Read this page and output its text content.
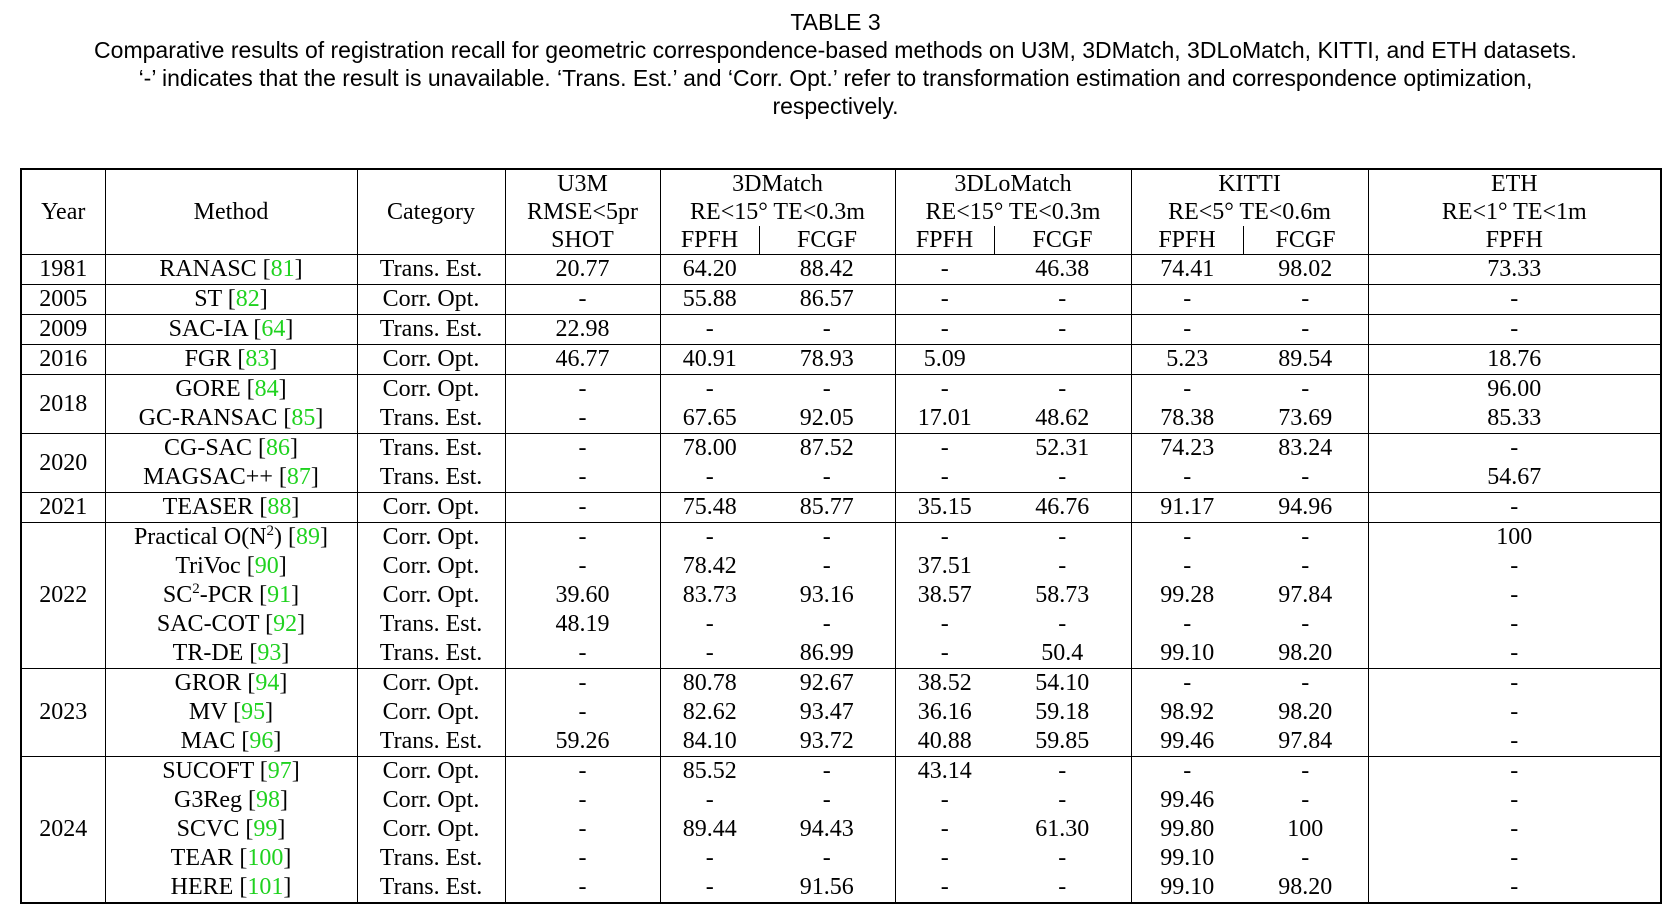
TABLE 3
Comparative results of registration recall for geometric correspondence-based methods on U3M, 3DMatch, 3DLoMatch, KITTI, and ETH datasets.
‘-’ indicates that the result is unavailable. ‘Trans. Est.’ and ‘Corr. Opt.’ refer to transformation estimation and correspondence optimization,
respectively.
Year	Method	Category	U3M	3DMatch		3DLoMatch		KITTI		ETH
			RMSE<5pr	RE<15° TE<0.3m		RE<15° TE<0.3m		RE<5° TE<0.6m		RE<1° TE<1m
			SHOT	FPFH	FCGF	FPFH	FCGF	FPFH	FCGF	FPFH
1981	RANASC [81]	Trans. Est.	20.77	64.20	88.42	-	46.38	74.41	98.02	73.33
2005	ST [82]	Corr. Opt.	-	55.88	86.57	-	-	-	-	-
2009	SAC-IA [64]	Trans. Est.	22.98	-	-	-	-	-	-	-
2016	FGR [83]	Corr. Opt.	46.77	40.91	78.93	5.09		5.23	89.54	18.76
2018	GORE [84]	Corr. Opt.	-	-	-	-	-	-	-	96.00
	GC-RANSAC [85]	Trans. Est.	-	67.65	92.05	17.01	48.62	78.38	73.69	85.33
2020	CG-SAC [86]	Trans. Est.	-	78.00	87.52	-	52.31	74.23	83.24	-
	MAGSAC++ [87]	Trans. Est.	-	-	-	-	-	-	-	54.67
2021	TEASER [88]	Corr. Opt.	-	75.48	85.77	35.15	46.76	91.17	94.96	-
2022	Practical $O(N^2)$ [89]	Corr. Opt.	-	-	-	-	-	-	-	100
	TriVoc [90]	Corr. Opt.	-	78.42	-	37.51	-	-	-	-
	$SC^2$-PCR [91]	Corr. Opt.	39.60	83.73	93.16	38.57	58.73	99.28	97.84	-
	SAC-COT [92]	Trans. Est.	48.19	-	-	-	-	-	-	-
	TR-DE [93]	Trans. Est.	-	-	86.99	-	50.4	99.10	98.20	-
2023	GROR [94]	Corr. Opt.	-	80.78	92.67	38.52	54.10	-	-	-
	MV [95]	Corr. Opt.	-	82.62	93.47	36.16	59.18	98.92	98.20	-
	MAC [96]	Trans. Est.	59.26	84.10	93.72	40.88	59.85	99.46	97.84	-
2024	SUCOFT [97]	Corr. Opt.	-	85.52	-	43.14	-	-	-	-
	G3Reg [98]	Corr. Opt.	-	-	-	-	-	99.46	-	-
	SCVC [99]	Corr. Opt.	-	89.44	94.43	-	61.30	99.80	100	-
	TEAR [100]	Trans. Est.	-	-	-	-	-	99.10	-	-
	HERE [101]	Trans. Est.	-	-	91.56	-	-	99.10	98.20	-
